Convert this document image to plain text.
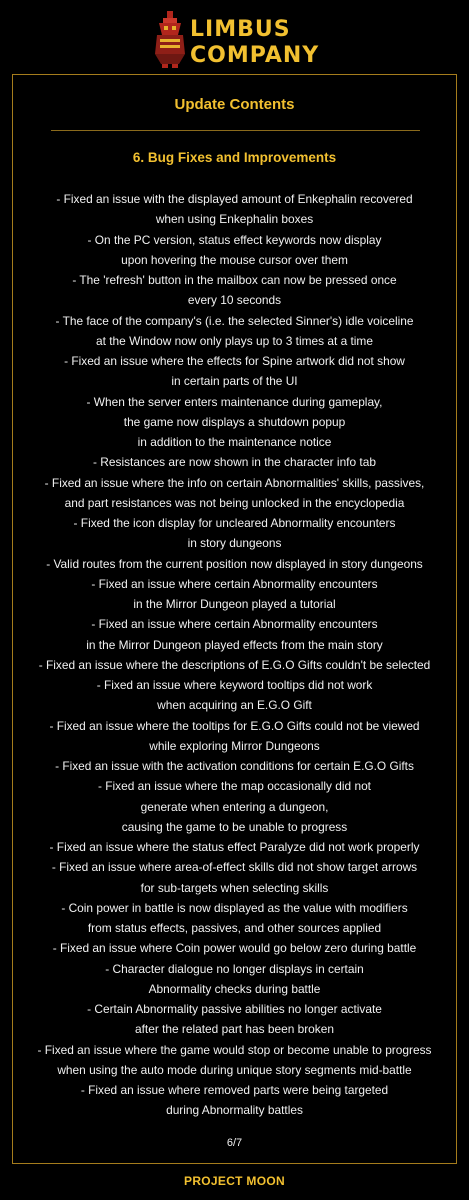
LIMBUS
COMPANY
Update Contents
6. Bug Fixes and Improvements
- Fixed an issue with the displayed amount of Enkephalin recovered
when using Enkephalin boxes
- On the PC version, status effect keywords now display
upon hovering the mouse cursor over them
- The 'refresh' button in the mailbox can now be pressed once
every 10 seconds
- The face of the company's (i.e. the selected Sinner's) idle voiceline
at the Window now only plays up to 3 times at a time
- Fixed an issue where the effects for Spine artwork did not show
in certain parts of the UI
- When the server enters maintenance during gameplay,
the game now displays a shutdown popup
in addition to the maintenance notice
- Resistances are now shown in the character info tab
- Fixed an issue where the info on certain Abnormalities' skills, passives,
and part resistances was not being unlocked in the encyclopedia
- Fixed the icon display for uncleared Abnormality encounters
in story dungeons
- Valid routes from the current position now displayed in story dungeons
- Fixed an issue where certain Abnormality encounters
in the Mirror Dungeon played a tutorial
- Fixed an issue where certain Abnormality encounters
in the Mirror Dungeon played effects from the main story
- Fixed an issue where the descriptions of E.G.O Gifts couldn't be selected
- Fixed an issue where keyword tooltips did not work
when acquiring an E.G.O Gift
- Fixed an issue where the tooltips for E.G.O Gifts could not be viewed
while exploring Mirror Dungeons
- Fixed an issue with the activation conditions for certain E.G.O Gifts
- Fixed an issue where the map occasionally did not
generate when entering a dungeon,
causing the game to be unable to progress
- Fixed an issue where the status effect Paralyze did not work properly
- Fixed an issue where area-of-effect skills did not show target arrows
for sub-targets when selecting skills
- Coin power in battle is now displayed as the value with modifiers
from status effects, passives, and other sources applied
- Fixed an issue where Coin power would go below zero during battle
- Character dialogue no longer displays in certain
Abnormality checks during battle
- Certain Abnormality passive abilities no longer activate
after the related part has been broken
- Fixed an issue where the game would stop or become unable to progress
when using the auto mode during unique story segments mid-battle
- Fixed an issue where removed parts were being targeted
during Abnormality battles
6/7
PROJECT MOON
